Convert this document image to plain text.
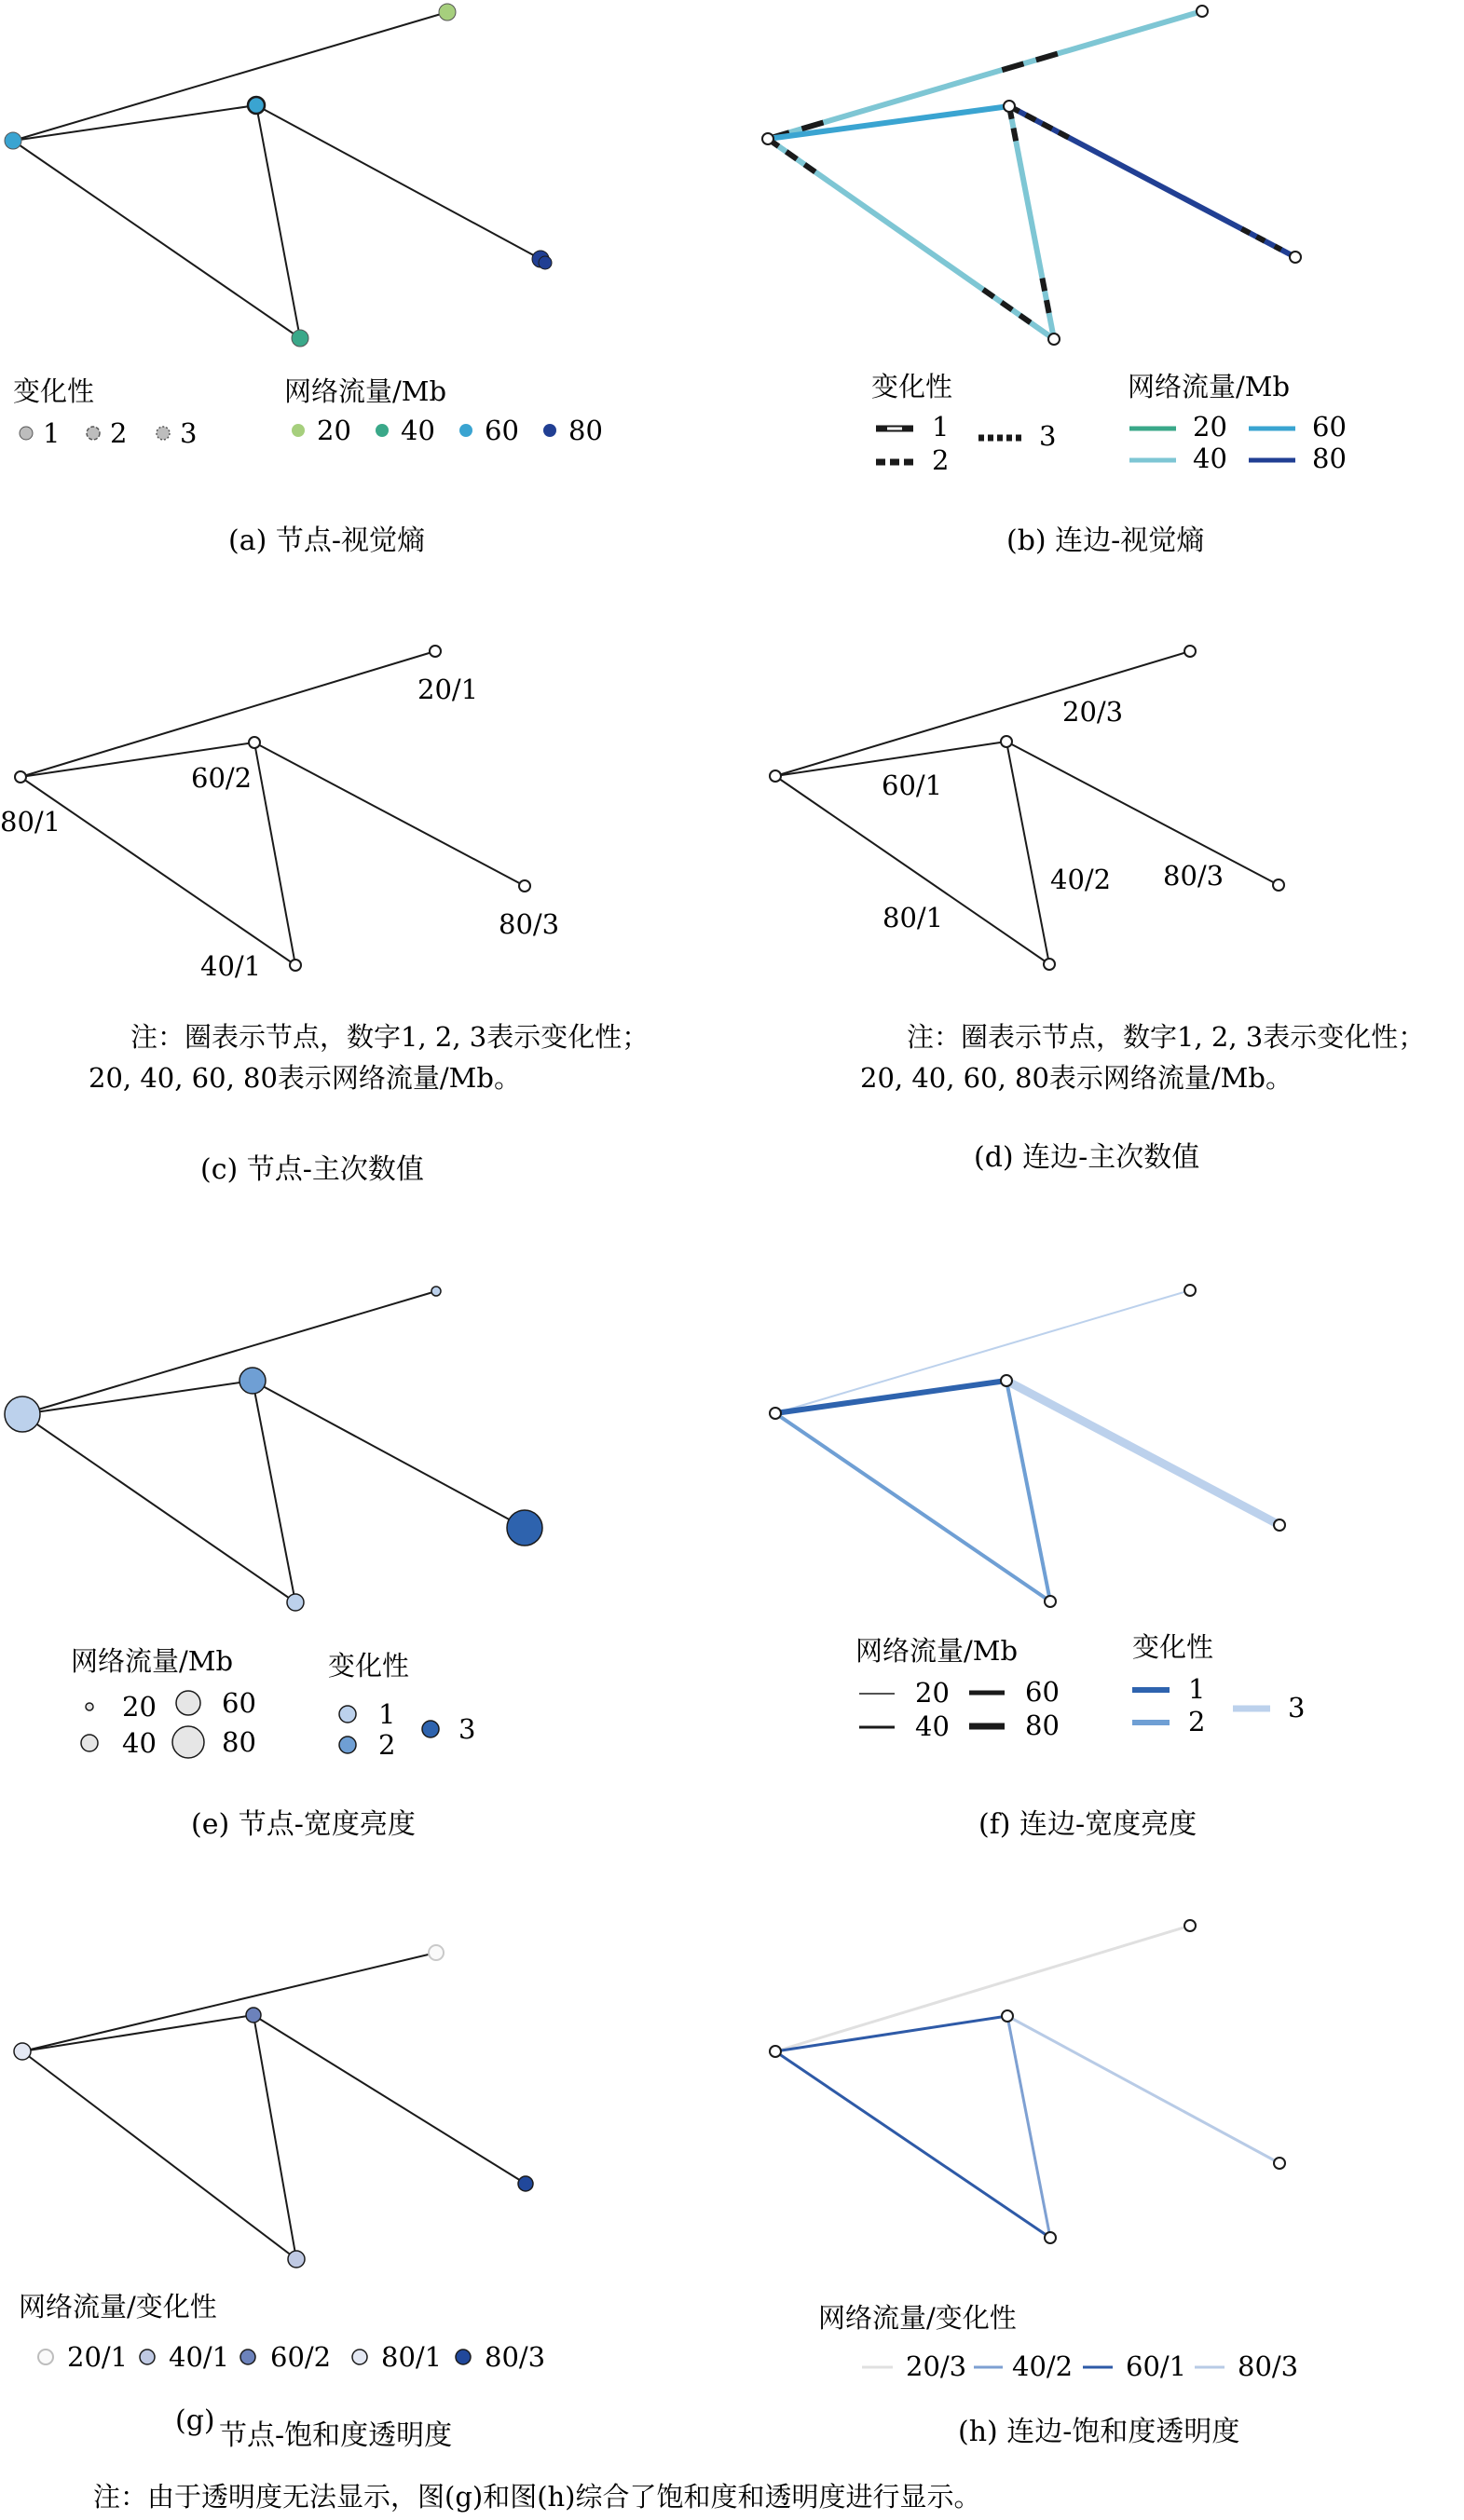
变化性
1 2 3
网络流量/Mb
20 40 60 80
(a) 节点-视觉熵
变化性
1
2
3
网络流量/Mb
20
40
60
80
(b) 连边-视觉熵
20/1
80/1
60/2
40/1
80/3
注：圈表示节点，数字1, 2, 3表示变化性；
20, 40, 60, 80表示网络流量/Mb。
(c) 节点-主次数值
20/3
60/1
40/2 80/3
80/1
注：圈表示节点，数字1, 2, 3表示变化性；
20, 40, 60, 80表示网络流量/Mb。
(d) 连边-主次数值
网络流量/Mb
20
40
60
80
变化性
1
2 3
(e) 节点-宽度亮度
网络流量/Mb
20
40
60
80
变化性
1
2	3
(f) 连边-宽度亮度
网络流量/变化性
20/1 40/1 60/2 80/1 80/3
(g) 节点-饱和度透明度
网络流量/变化性
20/3 40/2 60/1 80/3
(h) 连边-饱和度透明度
注：由于透明度无法显示，图(g)和图(h)综合了饱和度和透明度进行显示。
